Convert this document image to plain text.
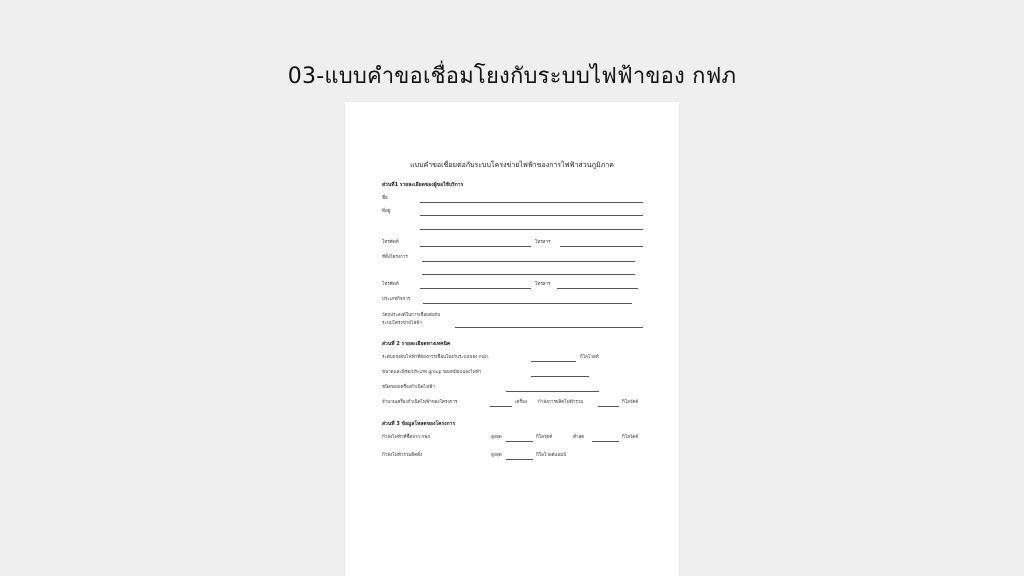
03-แบบคำขอเชื่อมโยงกับระบบไฟฟ้าของ กฟภ
แบบคำขอเชื่อมต่อกับระบบโครงข่ายไฟฟ้าของการไฟฟ้าส่วนภูมิภาค
ส่วนที่1 รายละเอียดของผู้ขอใช้บริการ
ชื่อ
ที่อยู่
โทรศัพท์	โทรสาร
ที่ตั้งโครงการ
โทรศัพท์	โทรสาร
ประเภทกิจการ
วัตถุประสงค์ในการเชื่อมต่อกับ
ระบบโครงข่ายไฟฟ้า
ส่วนที่ 2 รายละเอียดทางเทคนิค
ระดับแรงดันไฟฟ้าที่ต้องการเชื่อมโยงกับระบบของ กฟภ.	กิโลโวลท์
ขนาดและพิกัด/ประเภท group ของหม้อแปลงไฟฟ้า
ชนิดของเครื่องกำเนิดไฟฟ้า
จำนวนเครื่องกำเนิดไฟฟ้าของโครงการ	เครื่อง กำลังการผลิตไฟฟ้ารวม	กิโลวัตต์
ส่วนที่ 3 ข้อมูลโหลดของโครงการ
กำลังไฟฟ้าที่ซื้อจาก กฟภ.	สูงสุด	กิโลวัตต์	ต่ำสุด	กิโลวัตต์
กำลังไฟฟ้ารวมติดตั้ง	สูงสุด	กิโลโวลต์แอมป์
